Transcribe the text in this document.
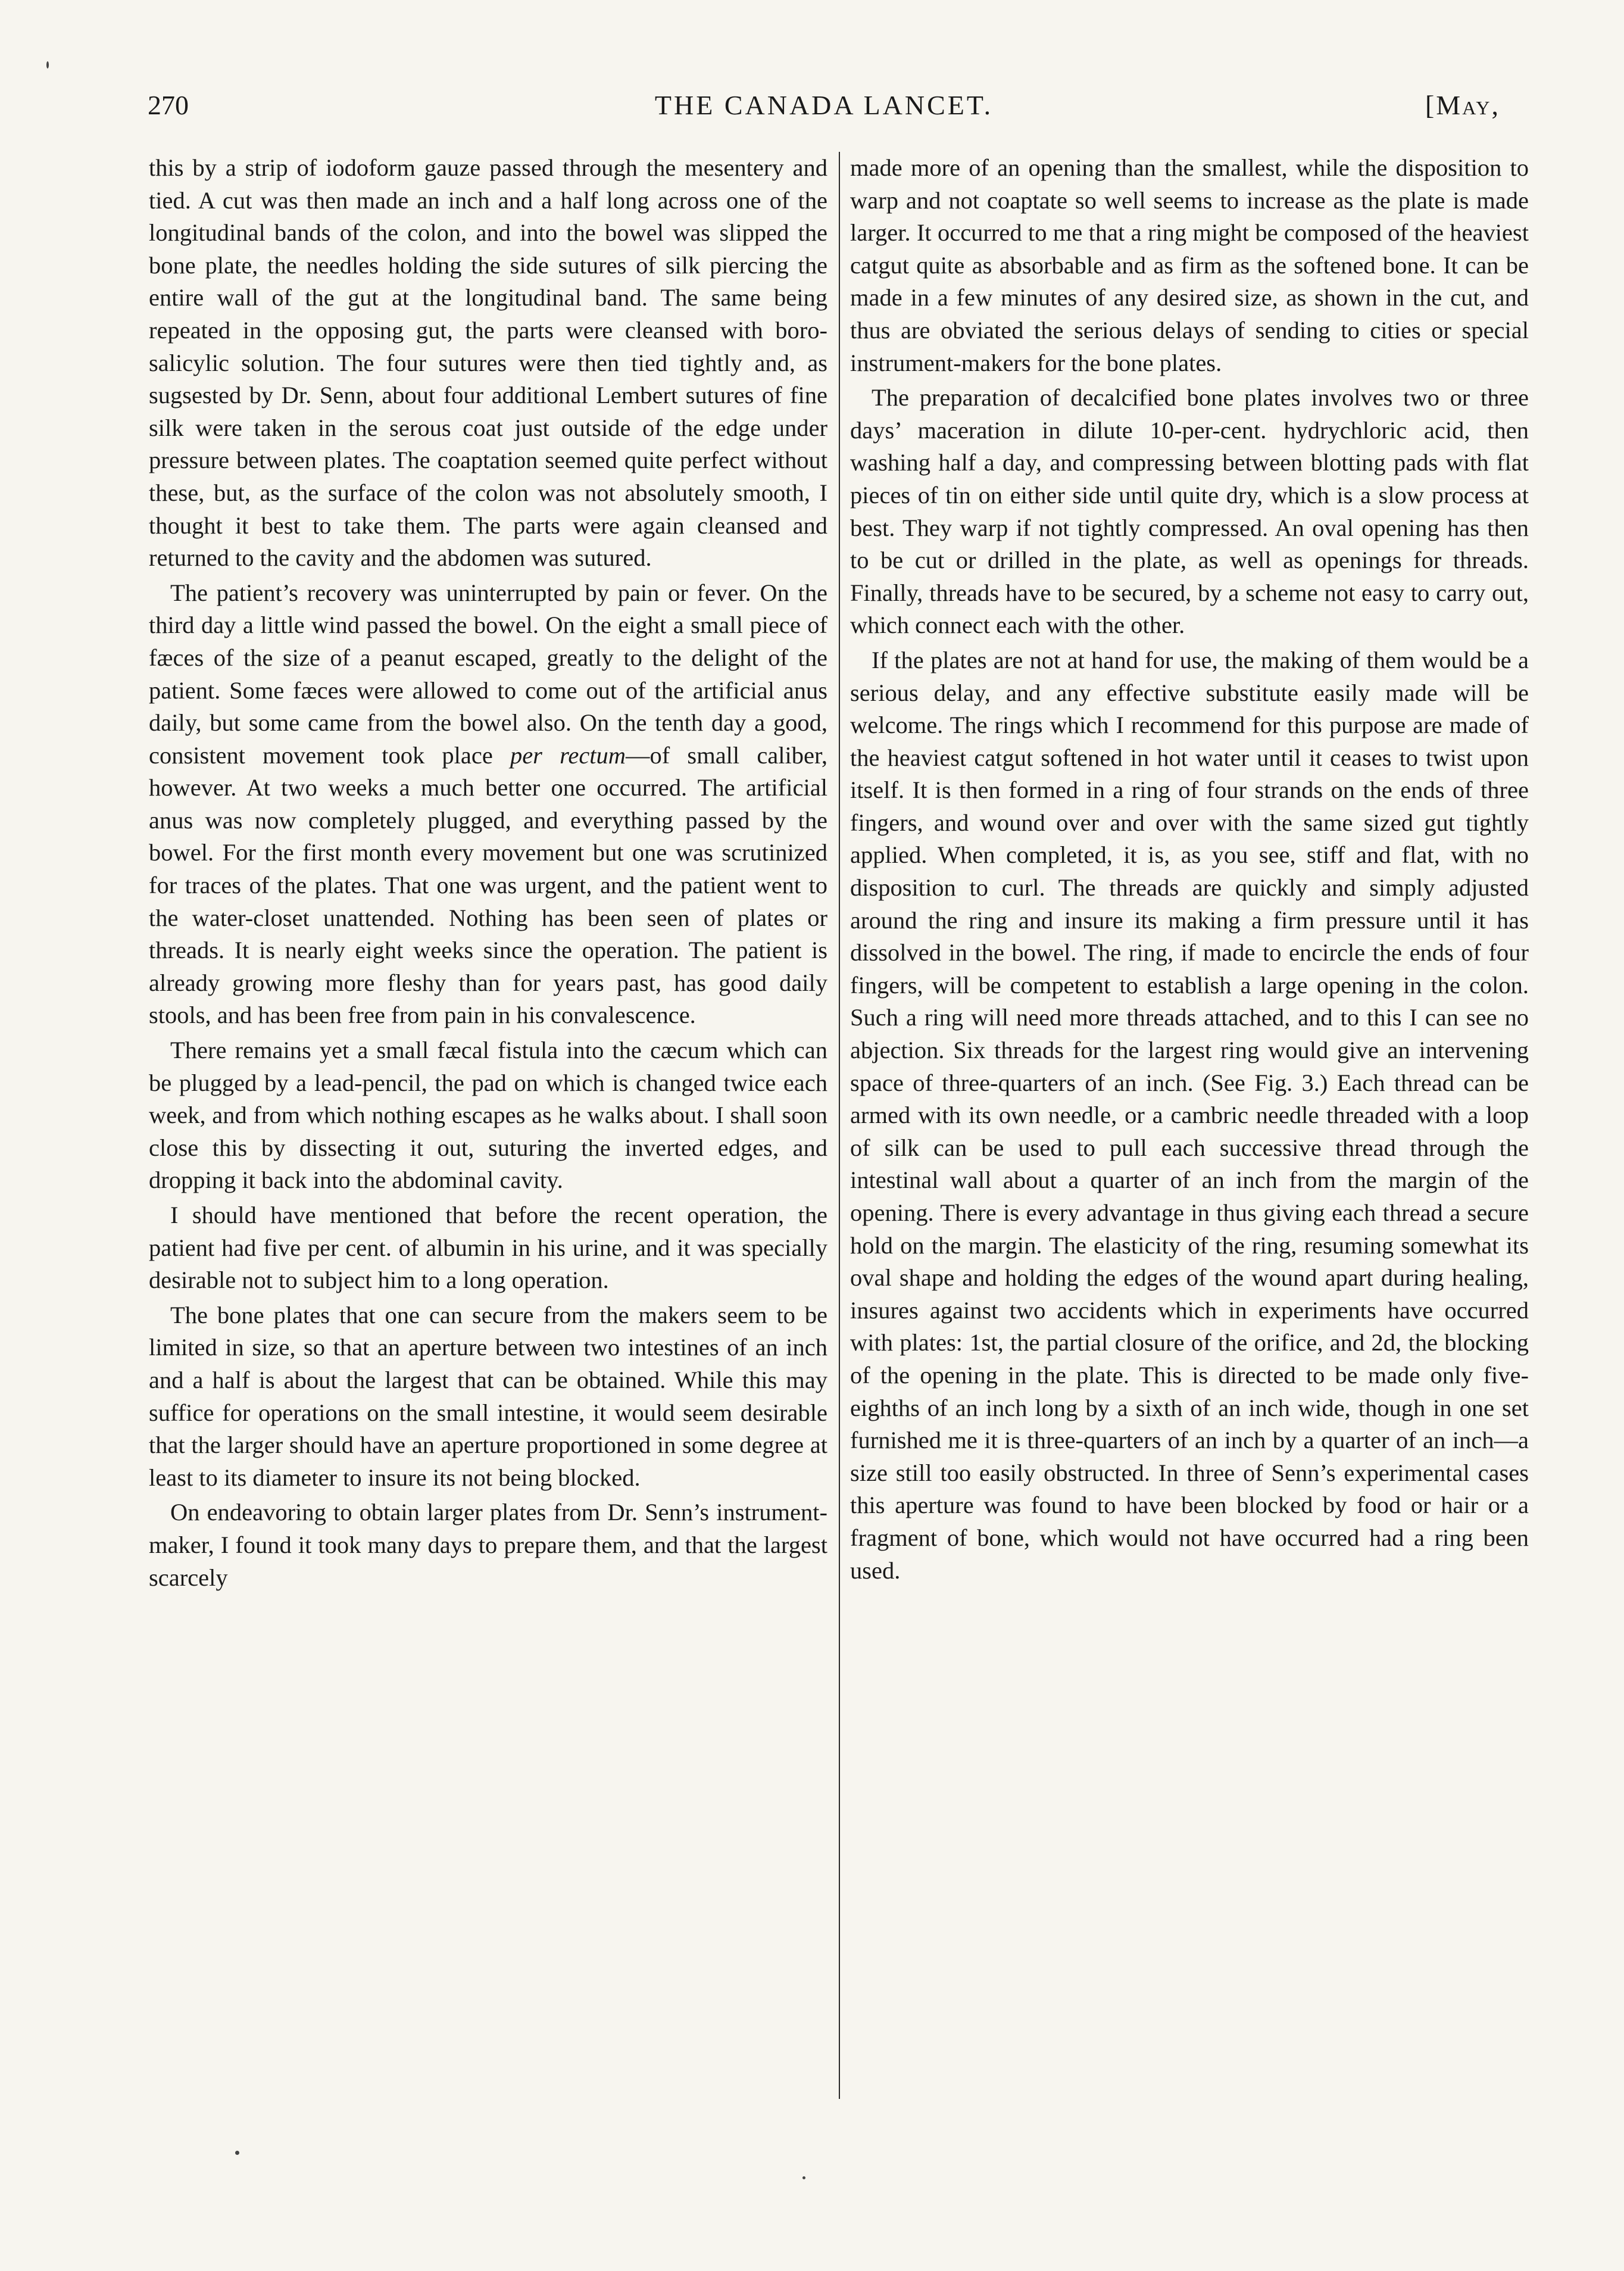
270	THE CANADA LANCET.	[May,

this by a strip of iodoform gauze passed through the mesentery and tied. A cut was then made an inch and a half long across one of the longitudinal bands of the colon, and into the bowel was slipped the bone plate, the needles holding the side sutures of silk piercing the entire wall of the gut at the longitudinal band. The same being repeated in the opposing gut, the parts were cleansed with boro-salicylic solution. The four sutures were then tied tightly and, as sugsested by Dr. Senn, about four additional Lembert sutures of fine silk were taken in the serous coat just outside of the edge under pressure between plates. The coaptation seemed quite perfect without these, but, as the surface of the colon was not absolutely smooth, I thought it best to take them. The parts were again cleansed and returned to the cavity and the abdomen was sutured.

The patient’s recovery was uninterrupted by pain or fever. On the third day a little wind passed the bowel. On the eight a small piece of fæces of the size of a peanut escaped, greatly to the delight of the patient. Some fæces were allowed to come out of the artificial anus daily, but some came from the bowel also. On the tenth day a good, consistent movement took place per rectum—of small caliber, however. At two weeks a much better one occurred. The artificial anus was now completely plugged, and everything passed by the bowel. For the first month every movement but one was scrutinized for traces of the plates. That one was urgent, and the patient went to the water-closet unattended. Nothing has been seen of plates or threads. It is nearly eight weeks since the operation. The patient is already growing more fleshy than for years past, has good daily stools, and has been free from pain in his convalescence.

There remains yet a small fæcal fistula into the cæcum which can be plugged by a lead-pencil, the pad on which is changed twice each week, and from which nothing escapes as he walks about. I shall soon close this by dissecting it out, suturing the inverted edges, and dropping it back into the abdominal cavity.

I should have mentioned that before the recent operation, the patient had five per cent. of albumin in his urine, and it was specially desirable not to subject him to a long operation.

The bone plates that one can secure from the makers seem to be limited in size, so that an aperture between two intestines of an inch and a half is about the largest that can be obtained. While this may suffice for operations on the small intestine, it would seem desirable that the larger should have an aperture proportioned in some degree at least to its diameter to insure its not being blocked.

On endeavoring to obtain larger plates from Dr. Senn’s instrument-maker, I found it took many days to prepare them, and that the largest scarcely

made more of an opening than the smallest, while the disposition to warp and not coaptate so well seems to increase as the plate is made larger. It occurred to me that a ring might be composed of the heaviest catgut quite as absorbable and as firm as the softened bone. It can be made in a few minutes of any desired size, as shown in the cut, and thus are obviated the serious delays of sending to cities or special instrument-makers for the bone plates.

The preparation of decalcified bone plates involves two or three days’ maceration in dilute 10-per-cent. hydrychloric acid, then washing half a day, and compressing between blotting pads with flat pieces of tin on either side until quite dry, which is a slow process at best. They warp if not tightly compressed. An oval opening has then to be cut or drilled in the plate, as well as openings for threads. Finally, threads have to be secured, by a scheme not easy to carry out, which connect each with the other.

If the plates are not at hand for use, the making of them would be a serious delay, and any effective substitute easily made will be welcome. The rings which I recommend for this purpose are made of the heaviest catgut softened in hot water until it ceases to twist upon itself. It is then formed in a ring of four strands on the ends of three fingers, and wound over and over with the same sized gut tightly applied. When completed, it is, as you see, stiff and flat, with no disposition to curl. The threads are quickly and simply adjusted around the ring and insure its making a firm pressure until it has dissolved in the bowel. The ring, if made to encircle the ends of four fingers, will be competent to establish a large opening in the colon. Such a ring will need more threads attached, and to this I can see no abjection. Six threads for the largest ring would give an intervening space of three-quarters of an inch. (See Fig. 3.) Each thread can be armed with its own needle, or a cambric needle threaded with a loop of silk can be used to pull each successive thread through the intestinal wall about a quarter of an inch from the margin of the opening. There is every advantage in thus giving each thread a secure hold on the margin. The elasticity of the ring, resuming somewhat its oval shape and holding the edges of the wound apart during healing, insures against two accidents which in experiments have occurred with plates: 1st, the partial closure of the orifice, and 2d, the blocking of the opening in the plate. This is directed to be made only five-eighths of an inch long by a sixth of an inch wide, though in one set furnished me it is three-quarters of an inch by a quarter of an inch—a size still too easily obstructed. In three of Senn’s experimental cases this aperture was found to have been blocked by food or hair or a fragment of bone, which would not have occurred had a ring been used.
